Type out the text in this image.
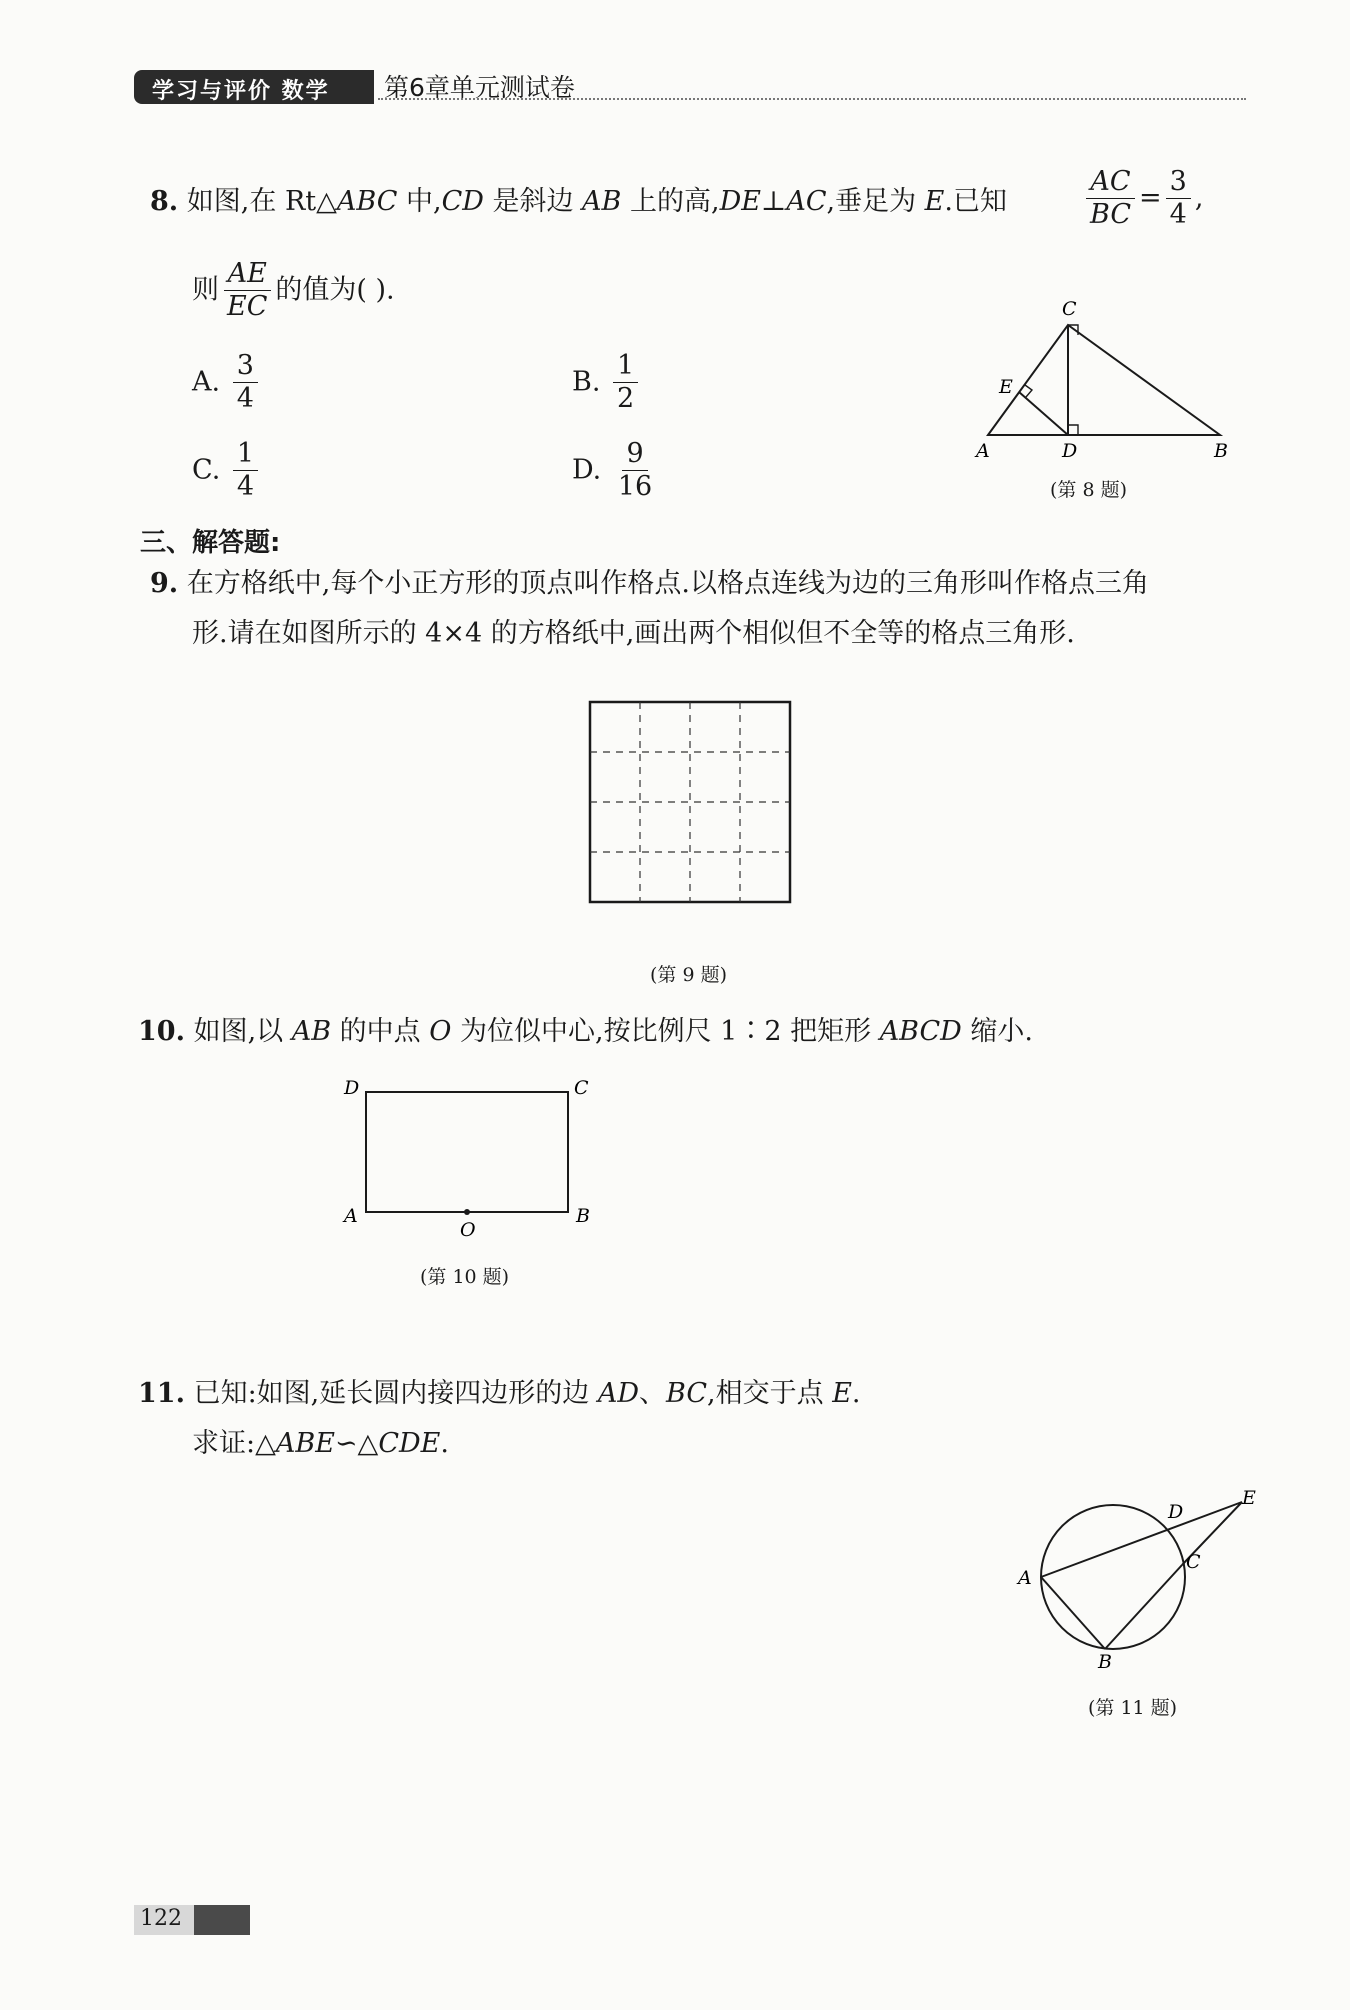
学习与评价 数学 第6章单元测试卷
8. 如图,在 Rt△ABC 中,CD 是斜边 AB 上的高,DE⊥AC,垂足为 E.已知	$\frac{AC}{BC} = \frac{3}{4}$ ,
则 $\frac{AE}{EC}$ 的值为( ).
A. $\frac{3}{4}$	B. $\frac{1}{2}$
C. $\frac{1}{4}$	D. $\frac{9}{16}$	A	D	B
C
E
(第 8 题)
三、解答题:
9. 在方格纸中,每个小正方形的顶点叫作格点.以格点连线为边的三角形叫作格点三角
形.请在如图所示的 4×4 的方格纸中,画出两个相似但不全等的格点三角形.
(第 9 题)
10. 如图,以 AB 的中点 O 为位似中心,按比例尺 1∶2 把矩形 ABCD 缩小.
D	C
A	B
O
(第 10 题)
11. 已知:如图,延长圆内接四边形的边 AD、BC,相交于点 E.
求证:△ABE∽△CDE.
A
B
C
D
E
(第 11 题)
122
